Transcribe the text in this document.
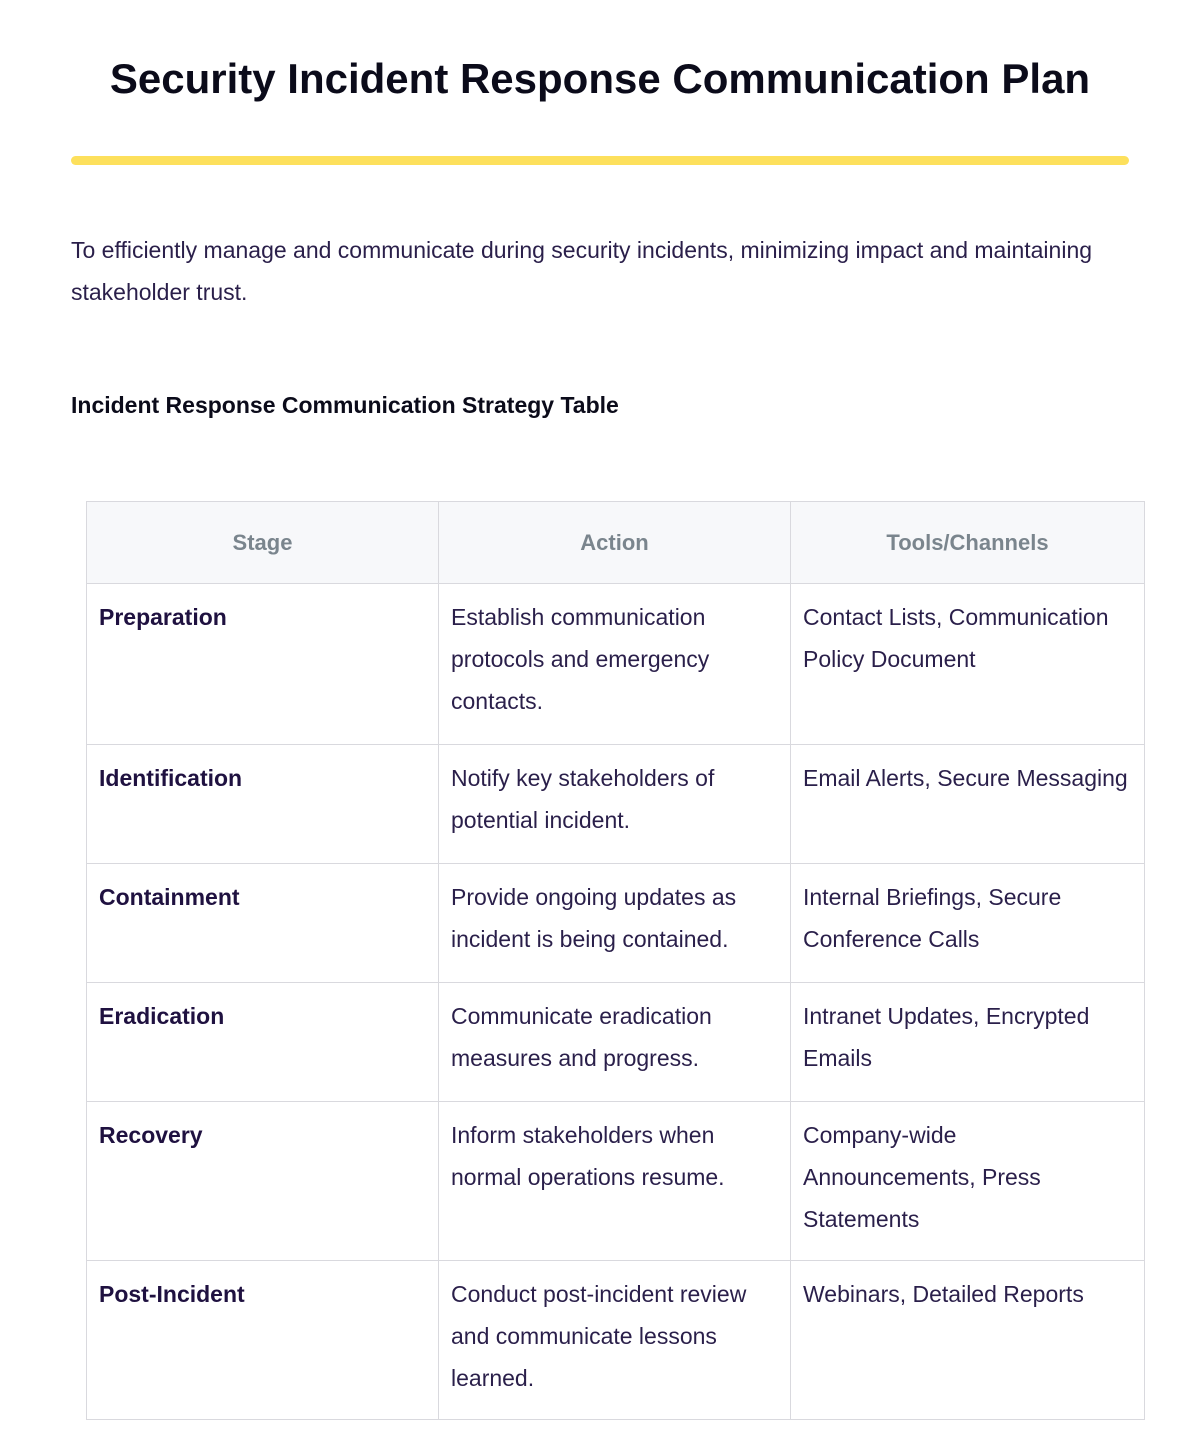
Security Incident Response Communication Plan

To efficiently manage and communicate during security incidents, minimizing impact and maintaining stakeholder trust.

Incident Response Communication Strategy Table
Stage	Action	Tools/Channels
Preparation	Establish communication protocols and emergency contacts.	Contact Lists, Communication Policy Document
Identification	Notify key stakeholders of potential incident.	Email Alerts, Secure Messaging
Containment	Provide ongoing updates as incident is being contained.	Internal Briefings, Secure Conference Calls
Eradication	Communicate eradication measures and progress.	Intranet Updates, Encrypted Emails
Recovery	Inform stakeholders when normal operations resume.	Company-wide Announcements, Press Statements
Post-Incident	Conduct post-incident review and communicate lessons learned.	Webinars, Detailed Reports
